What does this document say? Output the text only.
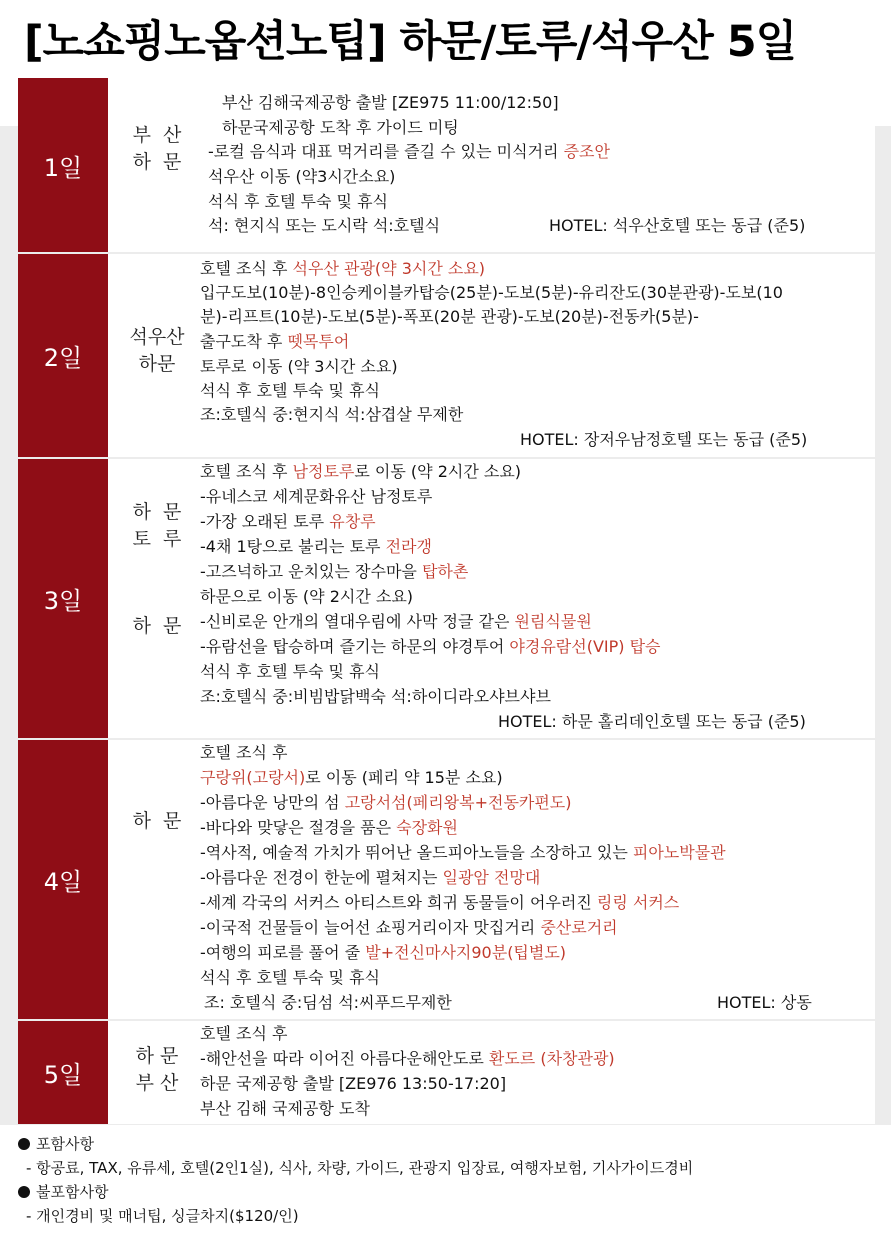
[노쇼핑노옵션노팁] 하문/토루/석우산 5일
1일
부  산
하  문
부산 김해국제공항 출발 [ZE975 11:00/12:50]
하문국제공항 도착 후 가이드 미팅
-로컬 음식과 대표 먹거리를 즐길 수 있는 미식거리 증조안
석우산 이동 (약3시간소요)
석식 후 호텔 투숙 및 휴식
석: 현지식 또는 도시락 석:호텔식	HOTEL: 석우산호텔 또는 동급 (준5)
2일
석우산
하문
호텔 조식 후 석우산 관광(약 3시간 소요)
입구도보(10분)-8인승케이블카탑승(25분)-도보(5분)-유리잔도(30분관광)-도보(10
분)-리프트(10분)-도보(5분)-폭포(20분 관광)-도보(20분)-전동카(5분)-
출구도착 후 뗏목투어
토루로 이동 (약 3시간 소요)
석식 후 호텔 투숙 및 휴식
조:호텔식 중:현지식 석:삼겹살 무제한
HOTEL: 장저우남정호텔 또는 동급 (준5)
3일
하  문
토  루
하  문
호텔 조식 후 남정토루로 이동 (약 2시간 소요)
-유네스코 세계문화유산 남정토루
-가장 오래된 토루 유창루
-4채 1탕으로 불리는 토루 전라갱
-고즈넉하고 운치있는 장수마을 탑하촌
하문으로 이동 (약 2시간 소요)
-신비로운 안개의 열대우림에 사막 정글 같은 원림식물원
-유람선을 탑승하며 즐기는 하문의 야경투어 야경유람선(VIP) 탑승
석식 후 호텔 투숙 및 휴식
조:호텔식 중:비빔밥닭백숙 석:하이디라오샤브샤브
HOTEL: 하문 홀리데인호텔 또는 동급 (준5)
4일
하  문
호텔 조식 후
구랑위(고랑서)로 이동 (페리 약 15분 소요)
-아름다운 낭만의 섬 고랑서섬(페리왕복+전동카편도)
-바다와 맞닿은 절경을 품은 숙장화원
-역사적, 예술적 가치가 뛰어난 올드피아노들을 소장하고 있는 피아노박물관
-아름다운 전경이 한눈에 펼쳐지는 일광암 전망대
-세계 각국의 서커스 아티스트와 희귀 동물들이 어우러진 링링 서커스
-이국적 건물들이 늘어선 쇼핑거리이자 맛집거리 중산로거리
-여행의 피로를 풀어 줄 발+전신마사지90분(팁별도)
석식 후 호텔 투숙 및 휴식
조: 호텔식 중:딤섬 석:씨푸드무제한	HOTEL: 상동
5일
하 문
부 산
호텔 조식 후
-해안선을 따라 이어진 아름다운해안도로 환도르 (차창관광)
하문 국제공항 출발 [ZE976 13:50-17:20]
부산 김해 국제공항 도착
포함사항
- 항공료, TAX, 유류세, 호텔(2인1실), 식사, 차량, 가이드, 관광지 입장료, 여행자보험, 기사가이드경비
불포함사항
- 개인경비 및 매너팁, 싱글차지($120/인)
